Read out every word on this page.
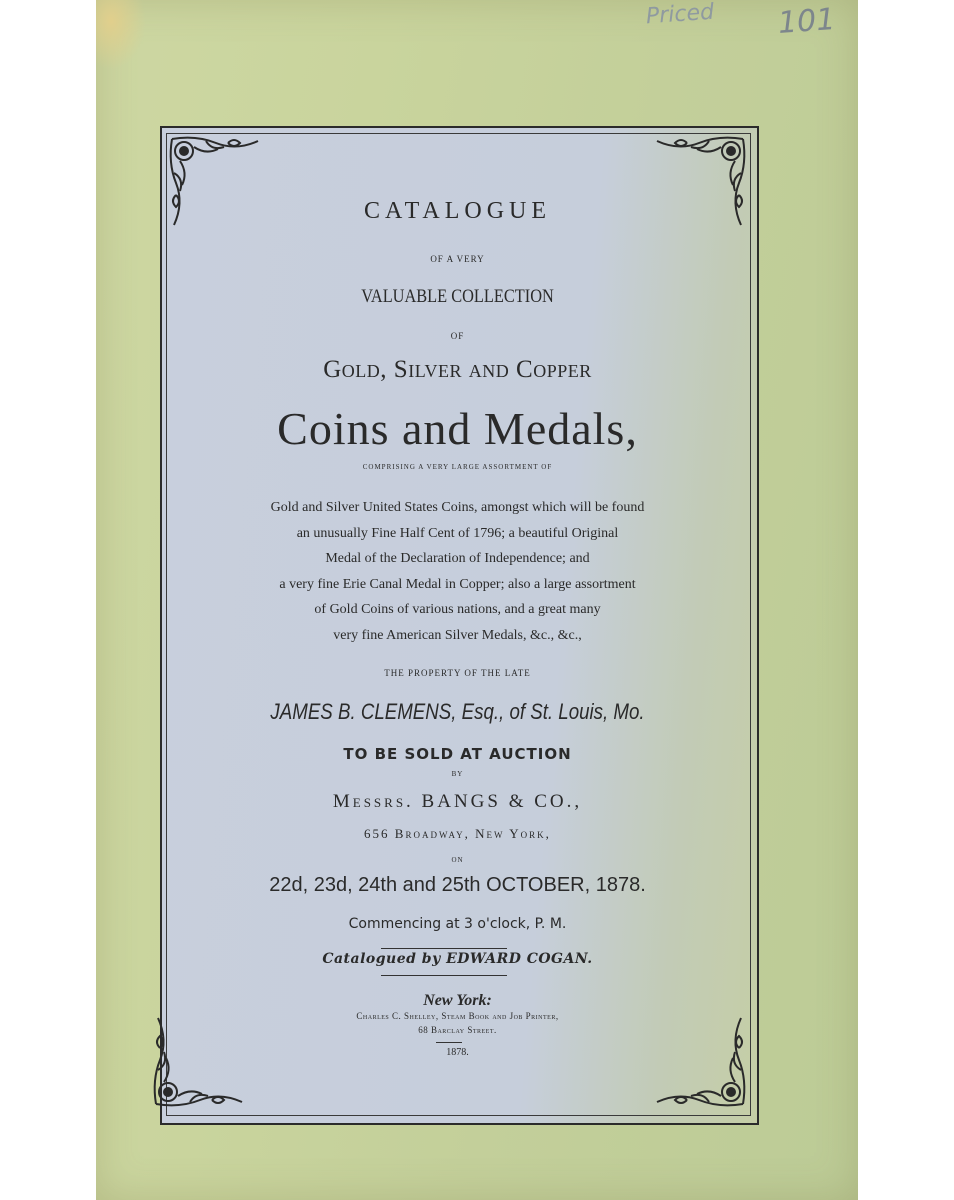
Priced 101
CATALOGUE
OF A VERY
VALUABLE COLLECTION
OF
Gold, Silver and Copper
Coins and Medals,
COMPRISING A VERY LARGE ASSORTMENT OF
Gold and Silver United States Coins, amongst which will be found
an unusually Fine Half Cent of 1796; a beautiful Original
Medal of the Declaration of Independence; and
a very fine Erie Canal Medal in Copper; also a large assortment
of Gold Coins of various nations, and a great many
very fine American Silver Medals, &c., &c.,
THE PROPERTY OF THE LATE
JAMES B. CLEMENS, Esq., of St. Louis, Mo.
TO BE SOLD AT AUCTION
BY
Messrs. BANGS & CO.,
656 Broadway, New York,
ON
22d, 23d, 24th and 25th OCTOBER, 1878.
Commencing at 3 o'clock, P. M.
Catalogued by EDWARD COGAN.
New York:
Charles C. Shelley, Steam Book and Job Printer,
68 Barclay Street.
1878.
